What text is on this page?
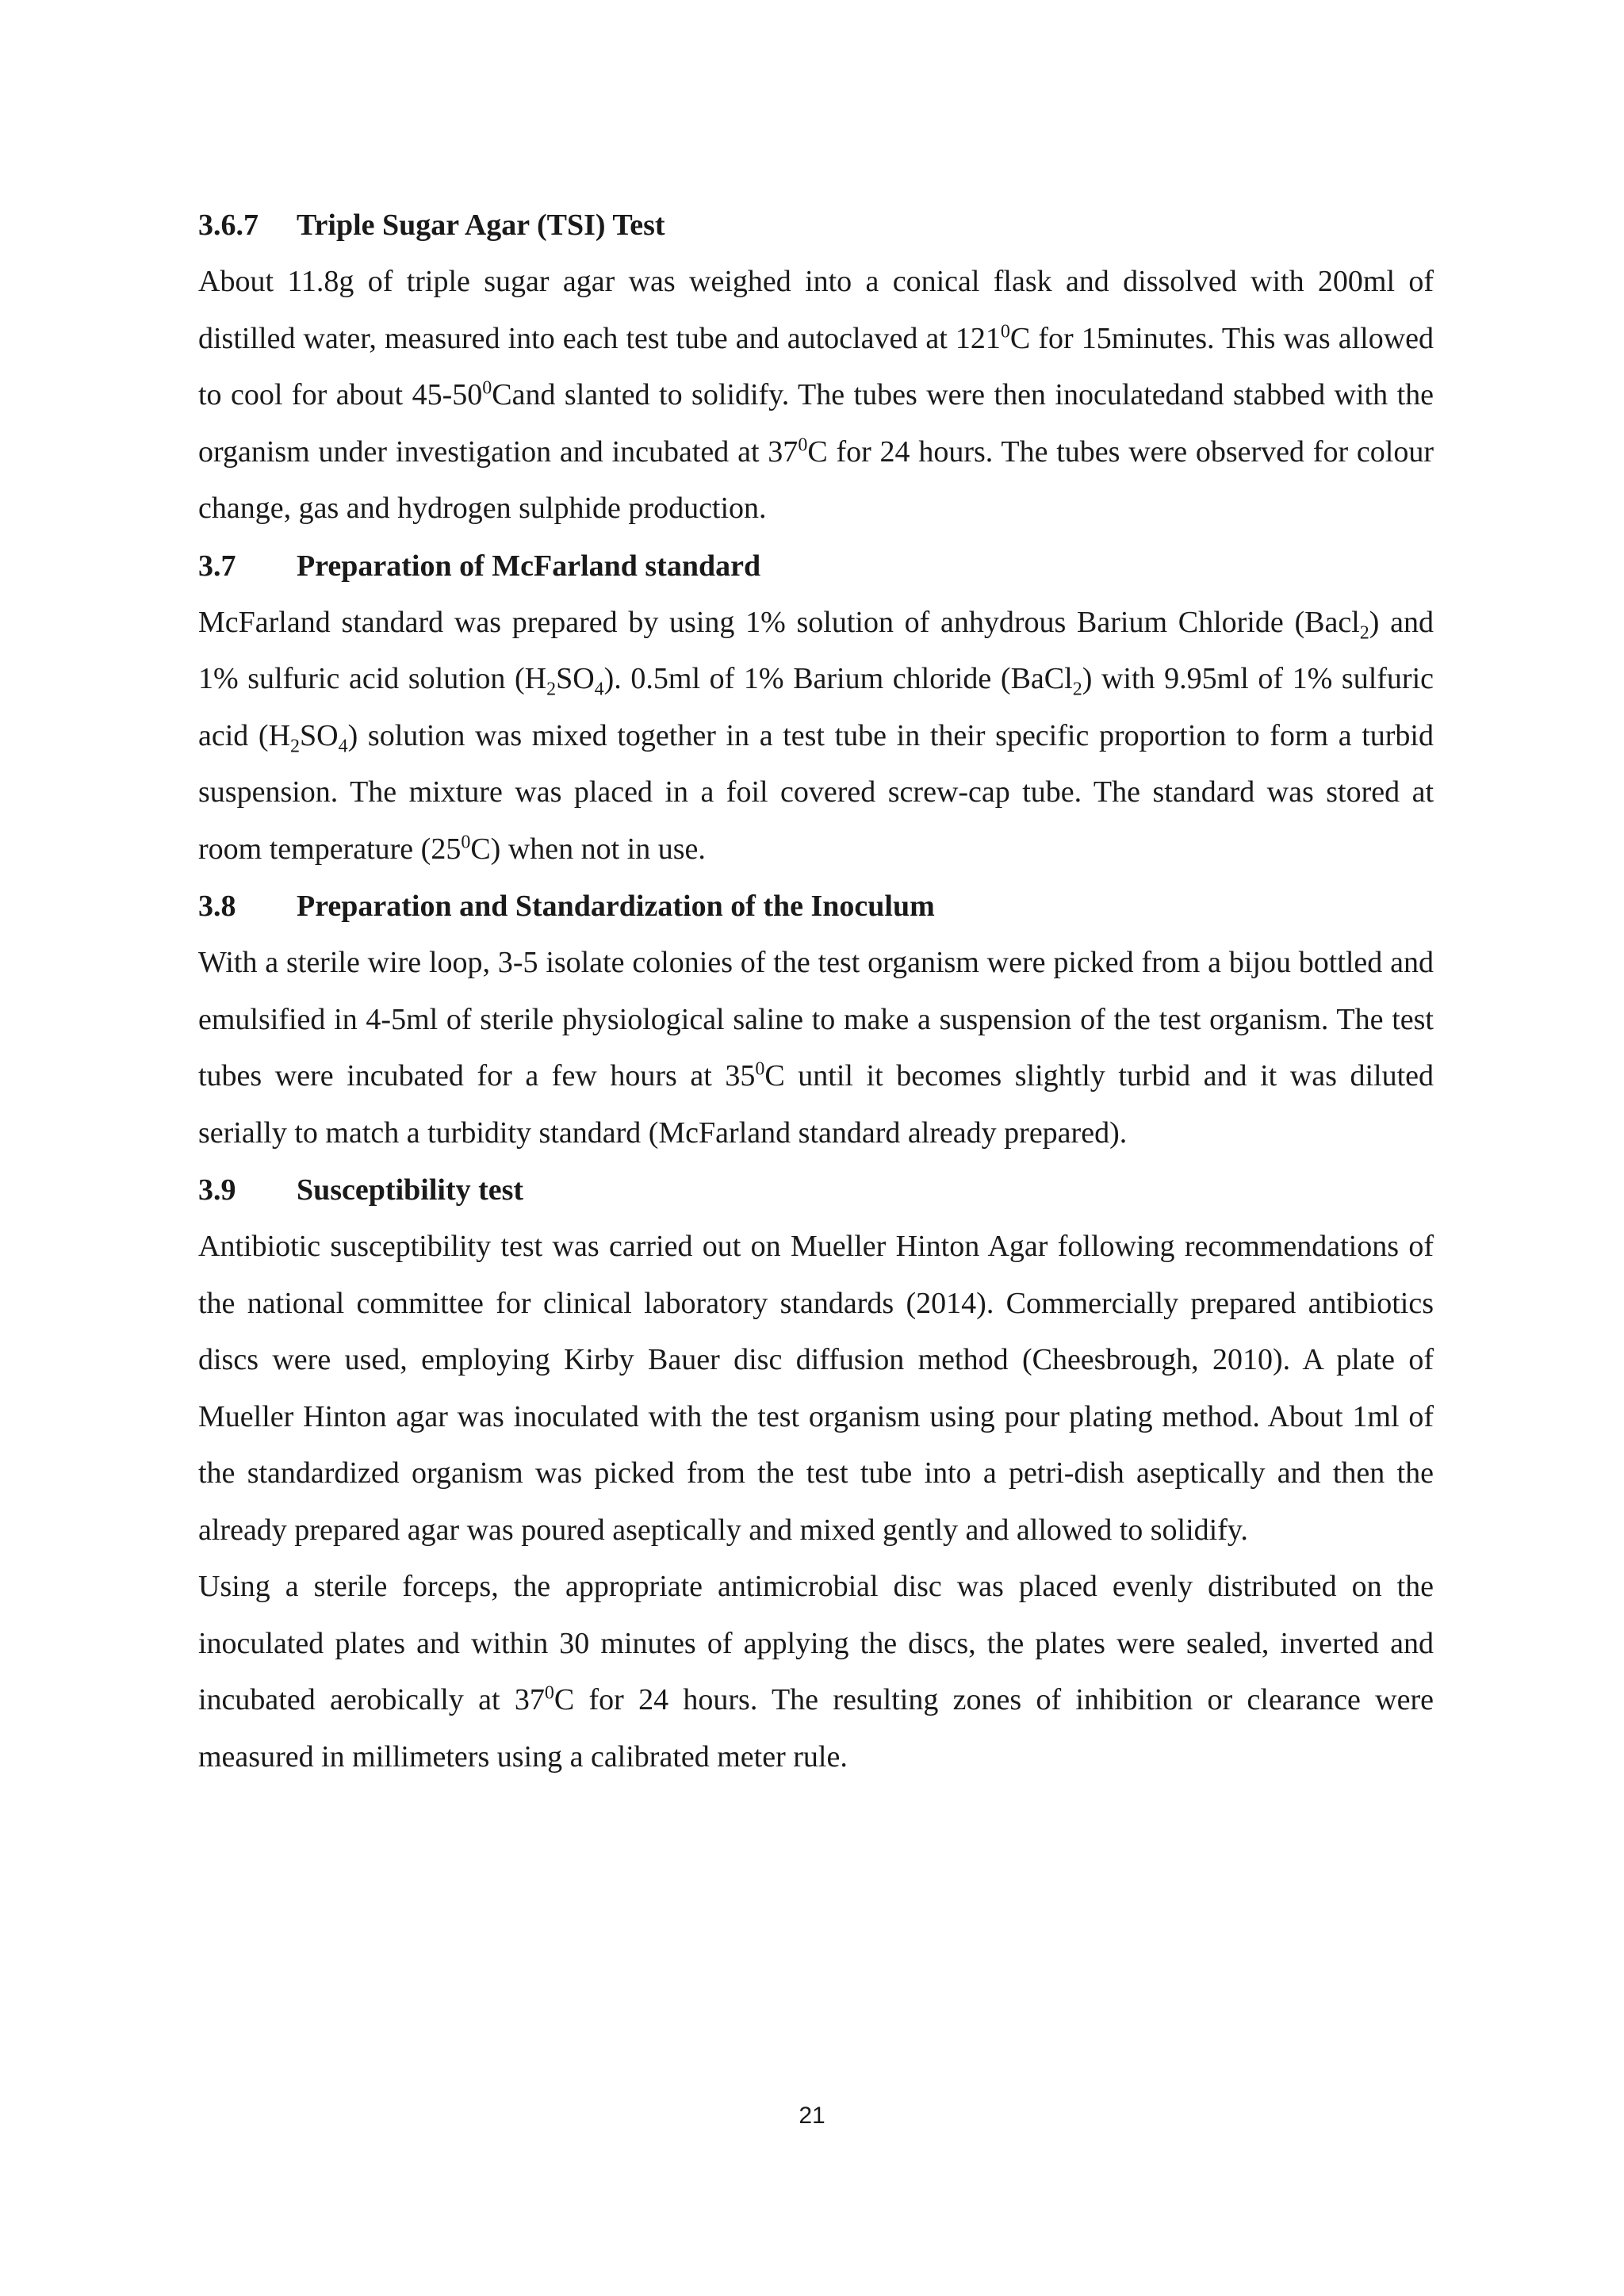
3.6.7 Triple Sugar Agar (TSI) Test

About 11.8g of triple sugar agar was weighed into a conical flask and dissolved with 200ml of distilled water, measured into each test tube and autoclaved at $121^0C$ for 15minutes. This was allowed to cool for about $45-50^0Cand$ slanted to solidify. The tubes were then inoculatedand stabbed with the organism under investigation and incubated at $37^0C$ for 24 hours. The tubes were observed for colour change, gas and hydrogen sulphide production.

3.7 Preparation of McFarland standard

McFarland standard was prepared by using 1% solution of anhydrous Barium Chloride (Bacl$_2$) and 1% sulfuric acid solution $(H_2SO_4)$. 0.5ml of 1% Barium chloride (BaCl$_2$) with 9.95ml of 1% sulfuric acid $(H_2SO_4)$ solution was mixed together in a test tube in their specific proportion to form a turbid suspension. The mixture was placed in a foil covered screw-cap tube. The standard was stored at room temperature $(25^0C)$ when not in use.

3.8 Preparation and Standardization of the Inoculum

With a sterile wire loop, 3-5 isolate colonies of the test organism were picked from a bijou bottled and emulsified in 4-5ml of sterile physiological saline to make a suspension of the test organism. The test tubes were incubated for a few hours at $35^0C$ until it becomes slightly turbid and it was diluted serially to match a turbidity standard (McFarland standard already prepared).

3.9 Susceptibility test

Antibiotic susceptibility test was carried out on Mueller Hinton Agar following recommendations of the national committee for clinical laboratory standards (2014). Commercially prepared antibiotics discs were used, employing Kirby Bauer disc diffusion method (Cheesbrough, 2010). A plate of Mueller Hinton agar was inoculated with the test organism using pour plating method. About 1ml of the standardized organism was picked from the test tube into a petri-dish aseptically and then the already prepared agar was poured aseptically and mixed gently and allowed to solidify.

Using a sterile forceps, the appropriate antimicrobial disc was placed evenly distributed on the inoculated plates and within 30 minutes of applying the discs, the plates were sealed, inverted and incubated aerobically at $37^0C$ for 24 hours. The resulting zones of inhibition or clearance were measured in millimeters using a calibrated meter rule.

21
